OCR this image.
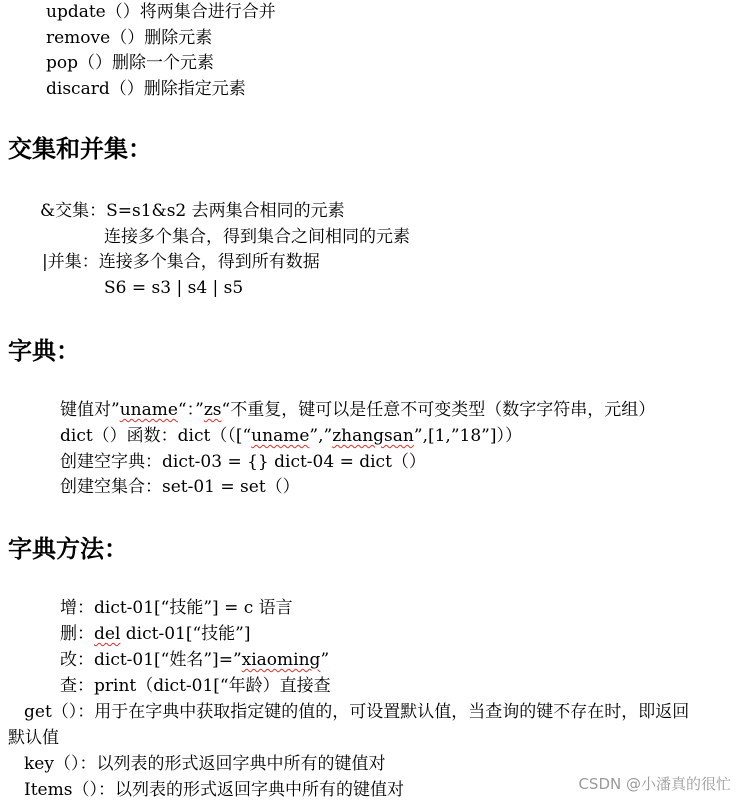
update（）将两集合进行合并
remove（）删除元素
pop（）删除一个元素
discard（）删除指定元素
交集和并集：
&交集：S=s1&s2 去两集合相同的元素
连接多个集合，得到集合之间相同的元素
|并集：连接多个集合，得到所有数据
S6 = s3 | s4 | s5
字典：
键值对”uname“：”zs“不重复，键可以是任意不可变类型（数字字符串，元组）
dict（）函数：dict（（[“uname”,”zhangsan”,[1,”18”]））
创建空字典：dict-03 = {} dict-04 = dict（）
创建空集合：set-01 = set（）
字典方法：
增：dict-01[“技能”] = c 语言
删：del dict-01[“技能”]
改：dict-01[“姓名”]=”xiaoming”
查：print（dict-01[“年龄）直接查
get（）：用于在字典中获取指定键的值的，可设置默认值，当查询的键不存在时，即返回
默认值
key（）：以列表的形式返回字典中所有的键值对
Items（）：以列表的形式返回字典中所有的键值对	CSDN @小潘真的很忙
